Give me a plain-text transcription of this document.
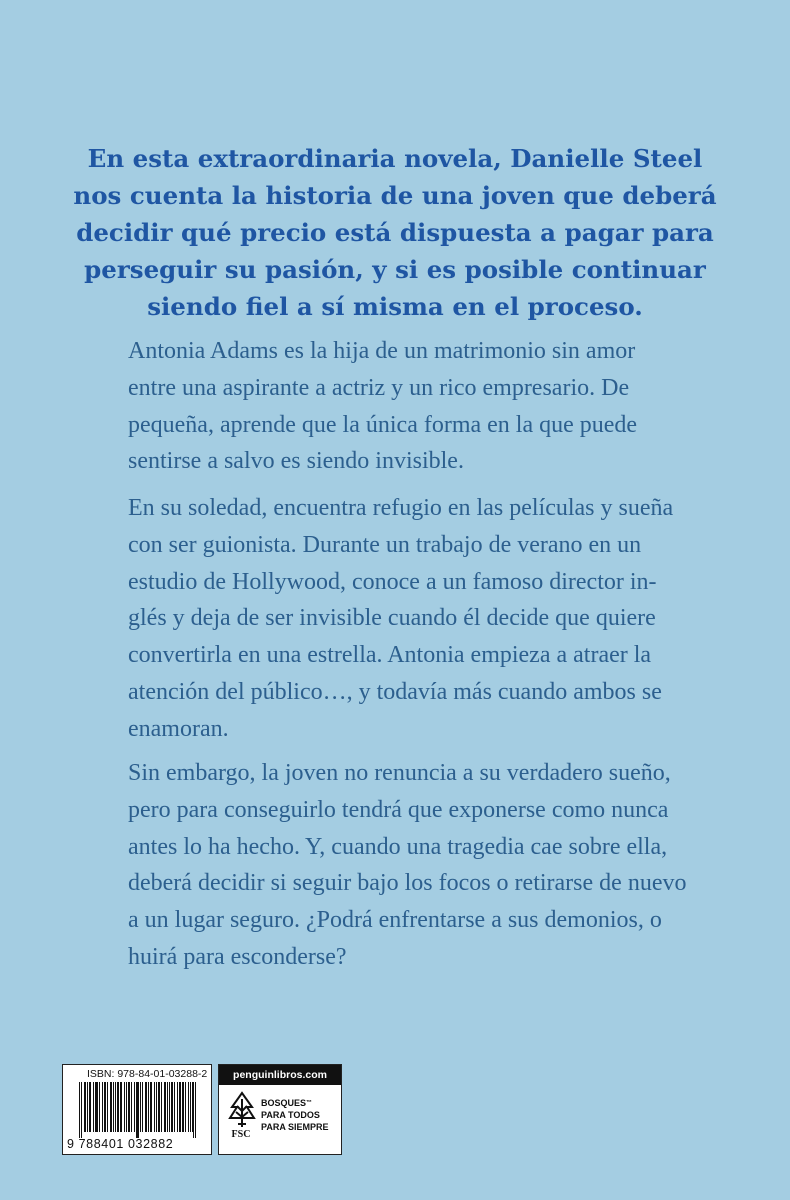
En esta extraordinaria novela, Danielle Steel
nos cuenta la historia de una joven que deberá
decidir qué precio está dispuesta a pagar para
perseguir su pasión, y si es posible continuar
siendo fiel a sí misma en el proceso.
Antonia Adams es la hija de un matrimonio sin amor
entre una aspirante a actriz y un rico empresario. De
pequeña, aprende que la única forma en la que puede
sentirse a salvo es siendo invisible.
En su soledad, encuentra refugio en las películas y sueña
con ser guionista. Durante un trabajo de verano en un
estudio de Hollywood, conoce a un famoso director in-
glés y deja de ser invisible cuando él decide que quiere
convertirla en una estrella. Antonia empieza a atraer la
atención del público…, y todavía más cuando ambos se
enamoran.
Sin embargo, la joven no renuncia a su verdadero sueño,
pero para conseguirlo tendrá que exponerse como nunca
antes lo ha hecho. Y, cuando una tragedia cae sobre ella,
deberá decidir si seguir bajo los focos o retirarse de nuevo
a un lugar seguro. ¿Podrá enfrentarse a sus demonios, o
huirá para esconderse?
ISBN: 978-84-01-03288-2
9 788401 032882
penguinlibros.com
FSC
BOSQUES™
PARA TODOS
PARA SIEMPRE
